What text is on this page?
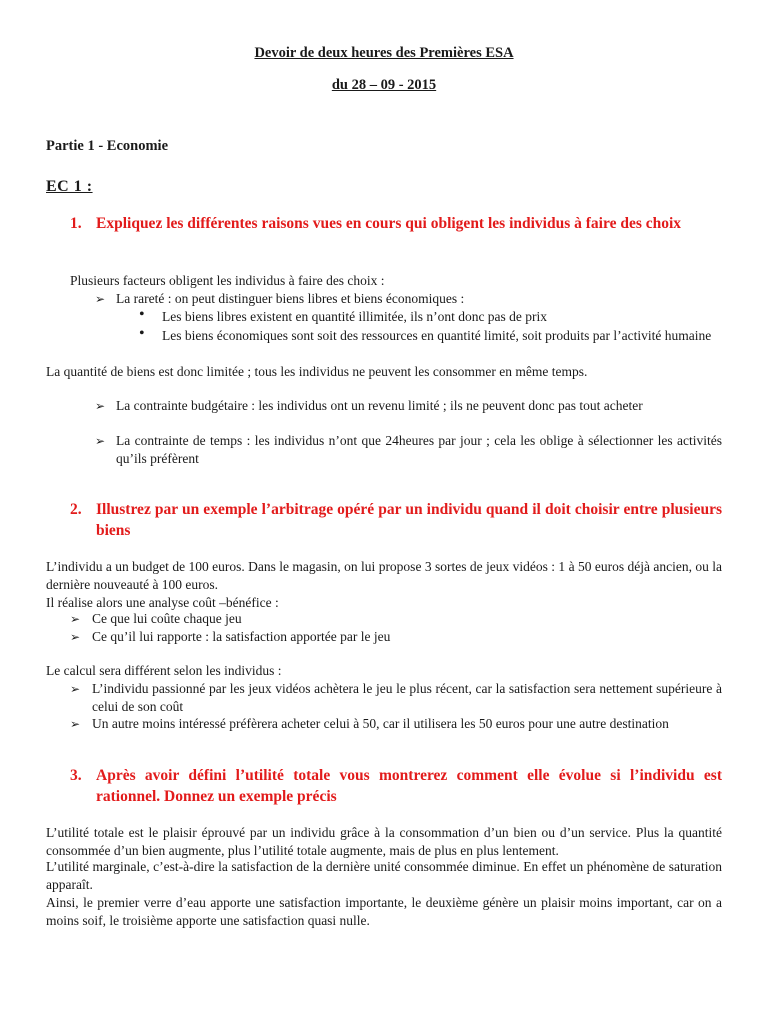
Devoir de deux heures des Premières ESA
du 28 – 09 - 2015
Partie 1 - Economie
EC 1 :
1. Expliquez les différentes raisons vues en cours qui obligent les individus à faire des choix
Plusieurs facteurs obligent les individus à faire des choix :
➢ La rareté : on peut distinguer biens libres et biens économiques :
•	Les biens libres existent en quantité illimitée, ils n’ont donc pas de prix
•	Les biens économiques sont soit des ressources en quantité limité, soit produits par l’activité humaine
La quantité de biens est donc limitée ; tous les individus ne peuvent les consommer en même temps.
➢ La contrainte budgétaire : les individus ont un revenu limité ; ils ne peuvent donc pas tout acheter
➢ La contrainte de temps : les individus n’ont que 24heures par jour ; cela les oblige à sélectionner les activités qu’ils préfèrent
2. Illustrez par un exemple l’arbitrage opéré par un individu quand il doit choisir entre plusieurs biens
L’individu a un budget de 100 euros. Dans le magasin, on lui propose 3 sortes de jeux vidéos : 1 à 50 euros déjà ancien, ou la dernière nouveauté à 100 euros.
Il réalise alors une analyse coût –bénéfice :
➢ Ce que lui coûte chaque jeu
➢ Ce qu’il lui rapporte : la satisfaction apportée par le jeu
Le calcul sera différent selon les individus :
➢ L’individu passionné par les jeux vidéos achètera le jeu le plus récent, car la satisfaction sera nettement supérieure à celui de son coût
➢ Un autre moins intéressé préfèrera acheter celui à 50, car il utilisera les 50 euros pour une autre destination
3. Après avoir défini l’utilité totale vous montrerez comment elle évolue si l’individu est rationnel. Donnez un exemple précis
L’utilité totale est le plaisir éprouvé par un individu grâce à la consommation d’un bien ou d’un service. Plus la quantité consommée d’un bien augmente, plus l’utilité totale augmente, mais de plus en plus lentement.
L’utilité marginale, c’est-à-dire la satisfaction de la dernière unité consommée diminue. En effet un phénomène de saturation apparaît.
Ainsi, le premier verre d’eau apporte une satisfaction importante, le deuxième génère un plaisir moins important, car on a moins soif, le troisième apporte une satisfaction quasi nulle.
